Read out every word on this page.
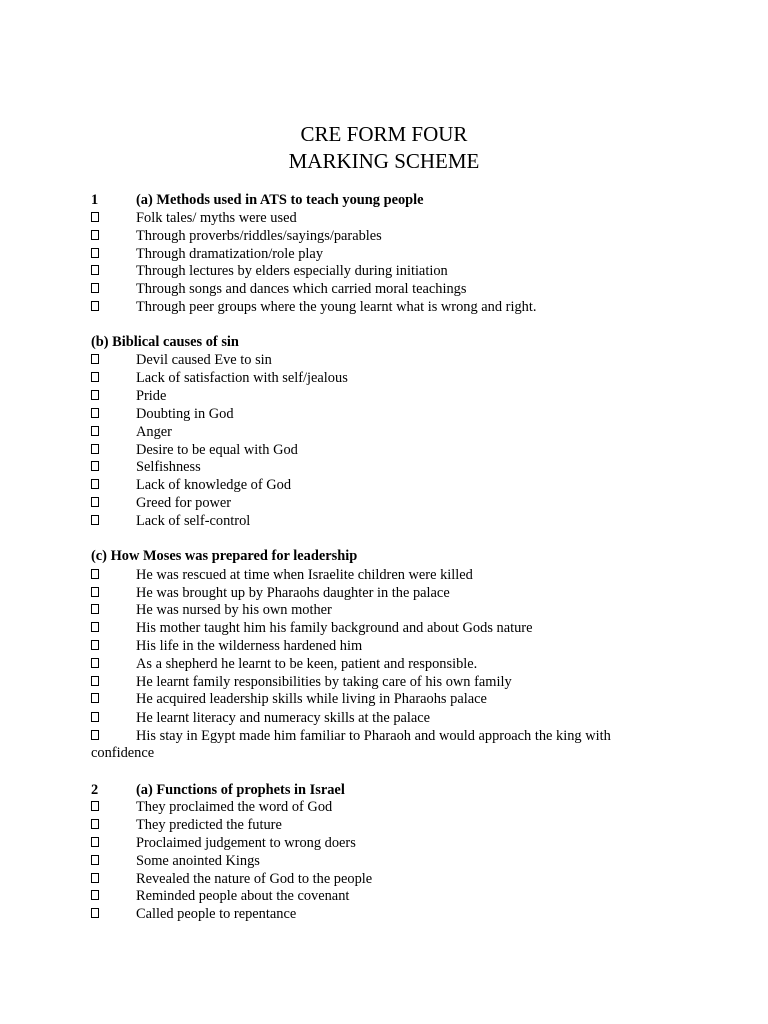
CRE FORM FOUR
MARKING SCHEME
1	(a) Methods used in ATS to teach young people
Folk tales/ myths were used
Through proverbs/riddles/sayings/parables
Through dramatization/role play
Through lectures by elders especially during initiation
Through songs and dances which carried moral teachings
Through peer groups where the young learnt what is wrong and right.
(b) Biblical causes of sin
Devil caused Eve to sin
Lack of satisfaction with self/jealous
Pride
Doubting in God
Anger
Desire to be equal with God
Selfishness
Lack of knowledge of God
Greed for power
Lack of self-control
(c) How Moses was prepared for leadership
He was rescued at time when Israelite children were killed
He was brought up by Pharaohs daughter in the palace
He was nursed by his own mother
His mother taught him his family background and about Gods nature
His life in the wilderness hardened him
As a shepherd he learnt to be keen, patient and responsible.
He learnt family responsibilities by taking care of his own family
He acquired leadership skills while living in Pharaohs palace
He learnt literacy and numeracy skills at the palace
His stay in Egypt made him familiar to Pharaoh and would approach the king with
confidence
2	(a) Functions of prophets in Israel
They proclaimed the word of God
They predicted the future
Proclaimed judgement to wrong doers
Some anointed Kings
Revealed the nature of God to the people
Reminded people about the covenant
Called people to repentance
